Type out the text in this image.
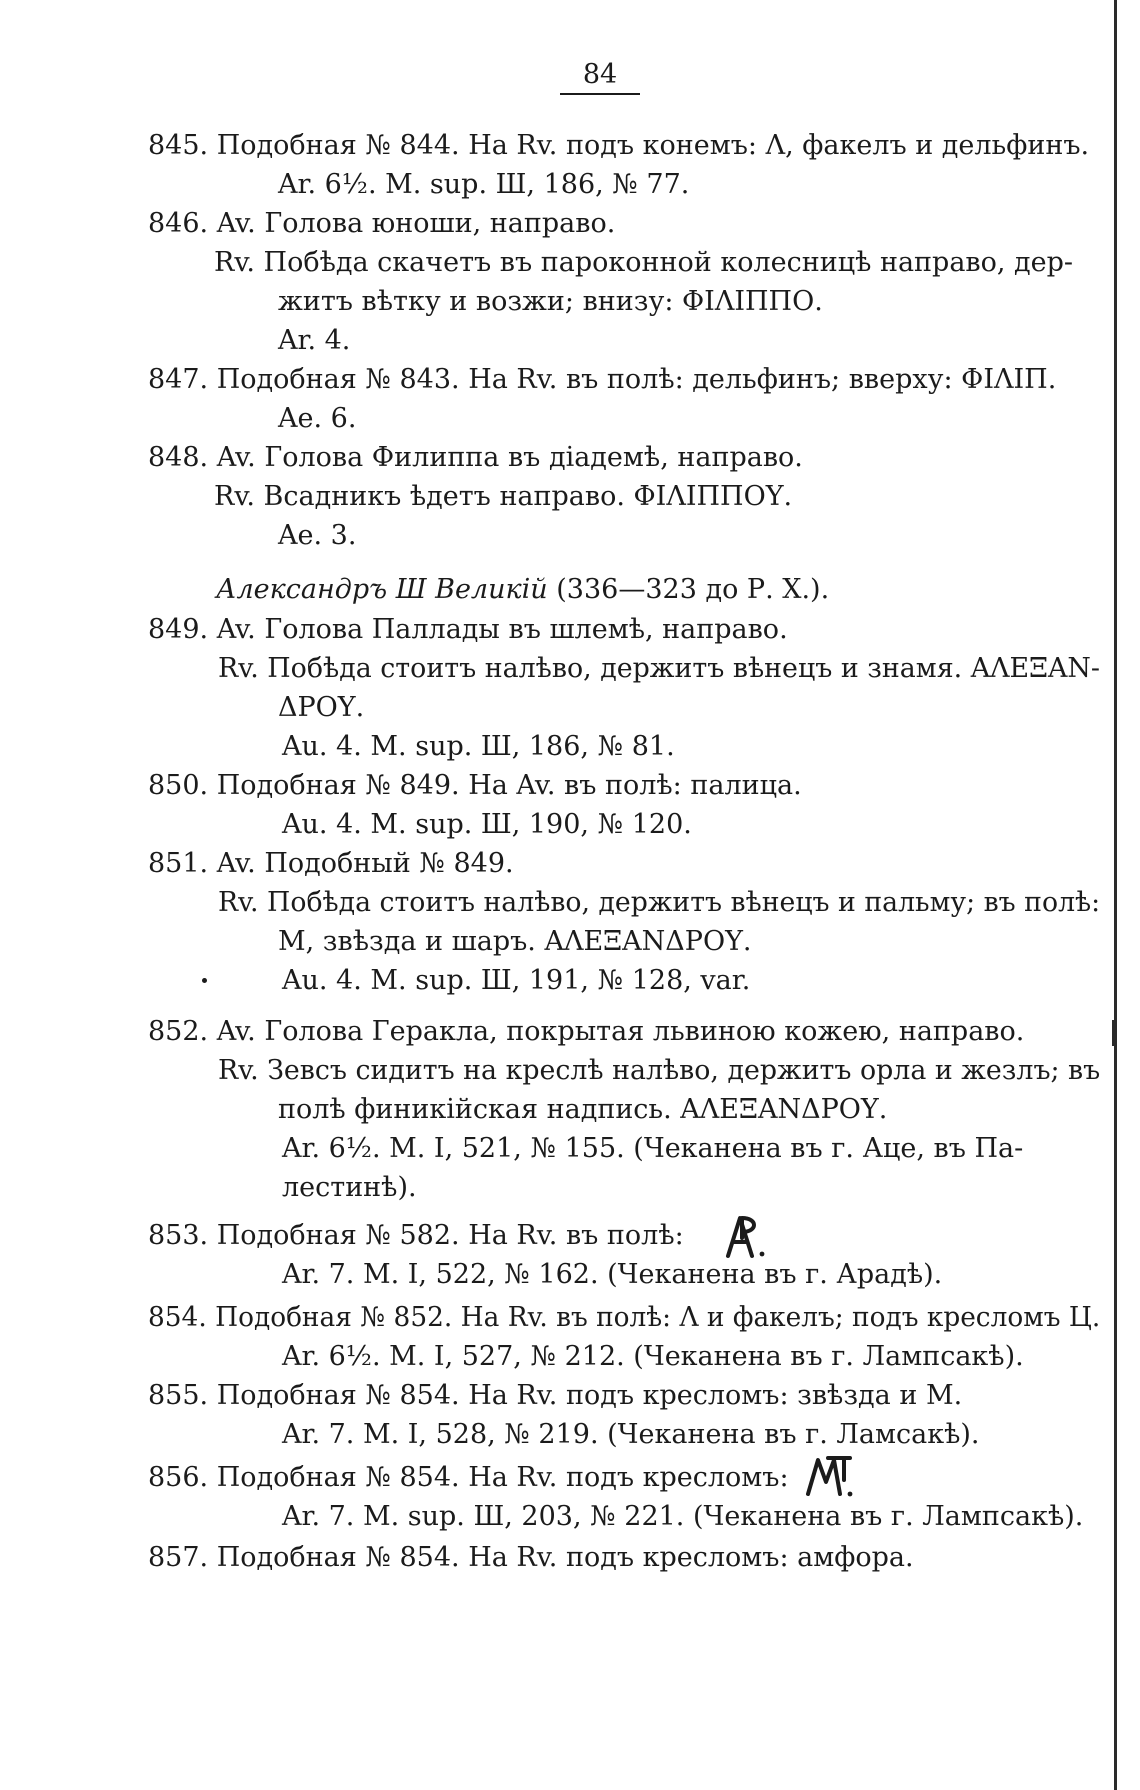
84
845. Подобная № 844. На Rv. подъ конемъ: Λ, факелъ и дельфинъ.
Ar. 6½. M. sup. Ш, 186, № 77.
846. Av. Голова юноши, направо.
Rv. Побѣда скачетъ въ пароконной колесницѣ направо, дер-
житъ вѣтку и возжи; внизу: ΦΙΛΙΠΠΟ.
Ar. 4.
847. Подобная № 843. На Rv. въ полѣ: дельфинъ; вверху: ΦΙΛΙΠ.
Ae. 6.
848. Av. Голова Филиппа въ діадемѣ, направо.
Rv. Всадникъ ѣдетъ направо. ΦΙΛΙΠΠΟΥ.
Ae. 3.
Александръ Ш Великій (336—323 до Р. Х.).
849. Av. Голова Паллады въ шлемѣ, направо.
Rv. Побѣда стоитъ налѣво, держитъ вѣнецъ и знамя. ΑΛΕΞΑΝ-
ΔΡΟΥ.
Au. 4. M. sup. Ш, 186, № 81.
850. Подобная № 849. На Av. въ полѣ: палица.
Au. 4. M. sup. Ш, 190, № 120.
851. Av. Подобный № 849.
Rv. Побѣда стоитъ налѣво, держитъ вѣнецъ и пальму; въ полѣ:
M, звѣзда и шаръ. ΑΛΕΞΑΝΔΡΟΥ.
Au. 4. M. sup. Ш, 191, № 128, var.
852. Av. Голова Геракла, покрытая львиною кожею, направо.
Rv. Зевсъ сидитъ на креслѣ налѣво, держитъ орла и жезлъ; въ
полѣ финикійская надпись. ΑΛΕΞΑΝΔΡΟΥ.
Ar. 6½. M. I, 521, № 155. (Чеканена въ г. Аце, въ Па-
лестинѣ).
853. Подобная № 582. На Rv. въ полѣ:
Ar. 7. M. I, 522, № 162. (Чеканена въ г. Арадѣ).
854. Подобная № 852. На Rv. въ полѣ: Λ и факелъ; подъ кресломъ Ц.
Ar. 6½. M. I, 527, № 212. (Чеканена въ г. Лампсакѣ).
855. Подобная № 854. На Rv. подъ кресломъ: звѣзда и M.
Ar. 7. M. I, 528, № 219. (Чеканена въ г. Ламсакѣ).
856. Подобная № 854. На Rv. подъ кресломъ:
Ar. 7. M. sup. Ш, 203, № 221. (Чеканена въ г. Лампсакѣ).
857. Подобная № 854. На Rv. подъ кресломъ: амфора.
